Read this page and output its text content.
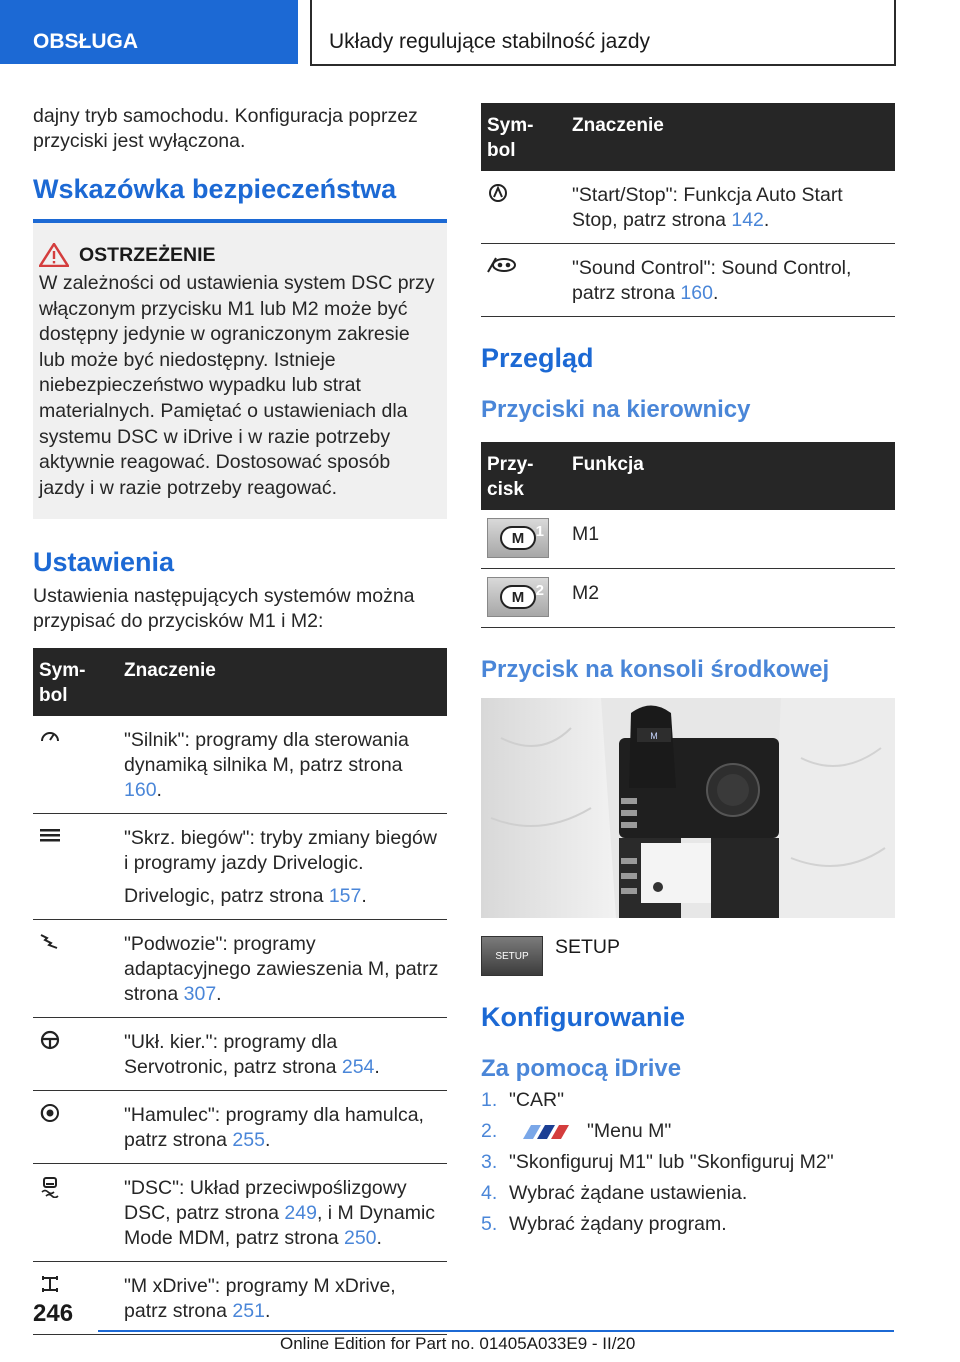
OBSŁUGA	Układy regulujące stabilność jazdy

dajny tryb samochodu. Konfiguracja poprzez przyciski jest wyłączona.

Wskazówka bezpieczeństwa
OSTRZEŻENIE

W zależności od ustawienia system DSC przy włączonym przycisku M1 lub M2 może być dostępny jedynie w ograniczonym zakresie lub może być niedostępny. Istnieje niebezpieczeństwo wypadku lub strat materialnych. Pamiętać o ustawieniach dla systemu DSC w iDrive i w razie potrzeby aktywnie reagować. Dostosować sposób jazdy i w razie potrzeby reagować.

Ustawienia

Ustawienia następujących systemów można przypisać do przycisków M1 i M2:

Sym-
bol	Znaczenie
	"Silnik": programy dla sterowania dynamiką silnika M, patrz strona 160.
	"Skrz. biegów": tryby zmiany biegów i programy jazdy Drivelogic.
Drivelogic, patrz strona 157.

	"Podwozie": programy adaptacyjnego zawieszenia M, patrz strona 307.
	"Ukł. kier.": programy dla Servotronic, patrz strona 254.
	"Hamulec": programy dla hamulca, patrz strona 255.
	"DSC": Układ przeciwpoślizgowy DSC, patrz strona 249, i M Dynamic Mode MDM, patrz strona 250.
	"M xDrive": programy M xDrive, patrz strona 251.
Sym-
bol	Znaczenie
	"Start/Stop": Funkcja Auto Start Stop, patrz strona 142.
	"Sound Control": Sound Control, patrz strona 160.
Przegląd
Przyciski na kierownicy
Przy-
cisk	Funkcja

M 1	M1

M 2	M2
Przycisk na konsoli środkowej
M
SETUP	SETUP
Konfigurowanie
Za pomocą iDrive
1. "CAR"
2.	"Menu M"
3. "Skonfiguruj M1" lub "Skonfiguruj M2"
4. Wybrać żądane ustawienia.
5. Wybrać żądany program.
246
Online Edition for Part no. 01405A033E9 - II/20
